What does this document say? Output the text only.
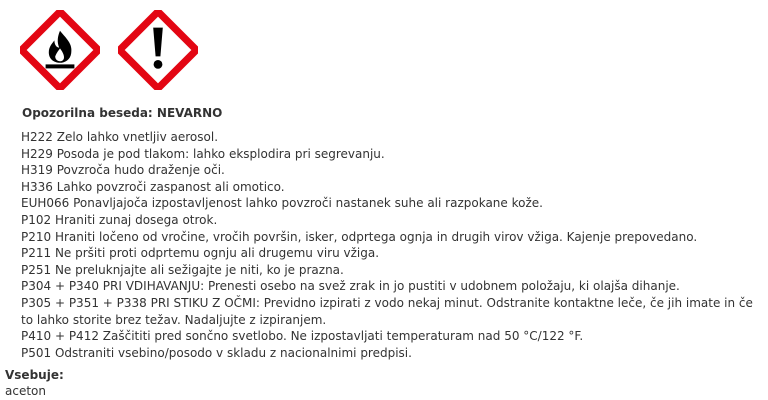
Opozorilna beseda: NEVARNO
H222 Zelo lahko vnetljiv aerosol.
H229 Posoda je pod tlakom: lahko eksplodira pri segrevanju.
H319 Povzroča hudo draženje oči.
H336 Lahko povzroči zaspanost ali omotico.
EUH066 Ponavljajoča izpostavljenost lahko povzroči nastanek suhe ali razpokane kože.
P102 Hraniti zunaj dosega otrok.
P210 Hraniti ločeno od vročine, vročih površin, isker, odprtega ognja in drugih virov vžiga. Kajenje prepovedano.
P211 Ne pršiti proti odprtemu ognju ali drugemu viru vžiga.
P251 Ne preluknjajte ali sežigajte je niti, ko je prazna.
P304 + P340 PRI VDIHAVANJU: Prenesti osebo na svež zrak in jo pustiti v udobnem položaju, ki olajša dihanje.
P305 + P351 + P338 PRI STIKU Z OČMI: Previdno izpirati z vodo nekaj minut. Odstranite kontaktne leče, če jih imate in če to lahko storite brez težav. Nadaljujte z izpiranjem.
P410 + P412 Zaščititi pred sončno svetlobo. Ne izpostavljati temperaturam nad 50 °C/122 °F.
P501 Odstraniti vsebino/posodo v skladu z nacionalnimi predpisi.
Vsebuje:
aceton
